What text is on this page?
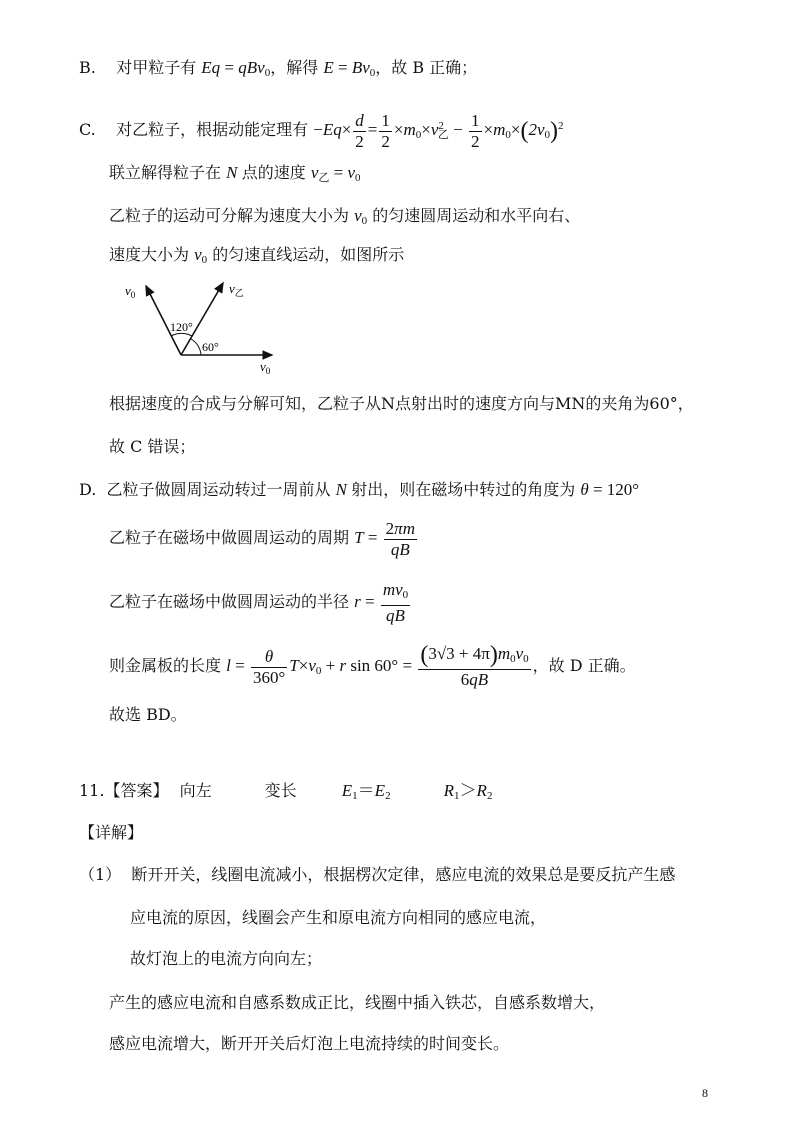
B. 对甲粒子有 Eq = qBv$_0$，解得 $E = Bv_0$，故 B 正确；
C. 对乙粒子，根据动能定理有 $-Eq\times \frac{d}{2} = \frac{1}{2} \times m_0\times v^2_乙 - \frac{1}{2} \times m_0\times(2v_0)^2$
联立解得粒子在 N 点的速度 $v_乙 = v_0$
乙粒子的运动可分解为速度大小为 $v_0$ 的匀速圆周运动和水平向右、
速度大小为 $v_0$ 的匀速直线运动，如图所示
$v_0$	$v_乙$
$v_0$
120°
60°
根据速度的合成与分解可知，乙粒子从N点射出时的速度方向与MN的夹角为60°，
故 C 错误；
D. 乙粒子做圆周运动转过一周前从 N 射出，则在磁场中转过的角度为 θ = 120°
乙粒子在磁场中做圆周运动的周期 $T = \frac{2\pi m}{qB}$
乙粒子在磁场中做圆周运动的半径 $r = \frac{mv_0}{qB}$
则金属板的长度 $l = \frac{\theta}{360^\circ} T\times v_0 + r$ $\sin 60^\circ = \frac{(3√3 + 4\pi)m_0v_0}{6qB}$ ，故 D 正确。
故选 BD。
11.【答案】 向左	变长	$E_1=E_2$	$R_1>R_2$
【详解】
（1） 断开开关，线圈电流减小，根据楞次定律，感应电流的效果总是要反抗产生感
应电流的原因，线圈会产生和原电流方向相同的感应电流，
故灯泡上的电流方向向左；
产生的感应电流和自感系数成正比，线圈中插入铁芯，自感系数增大，
感应电流增大，断开开关后灯泡上电流持续的时间变长。
8
